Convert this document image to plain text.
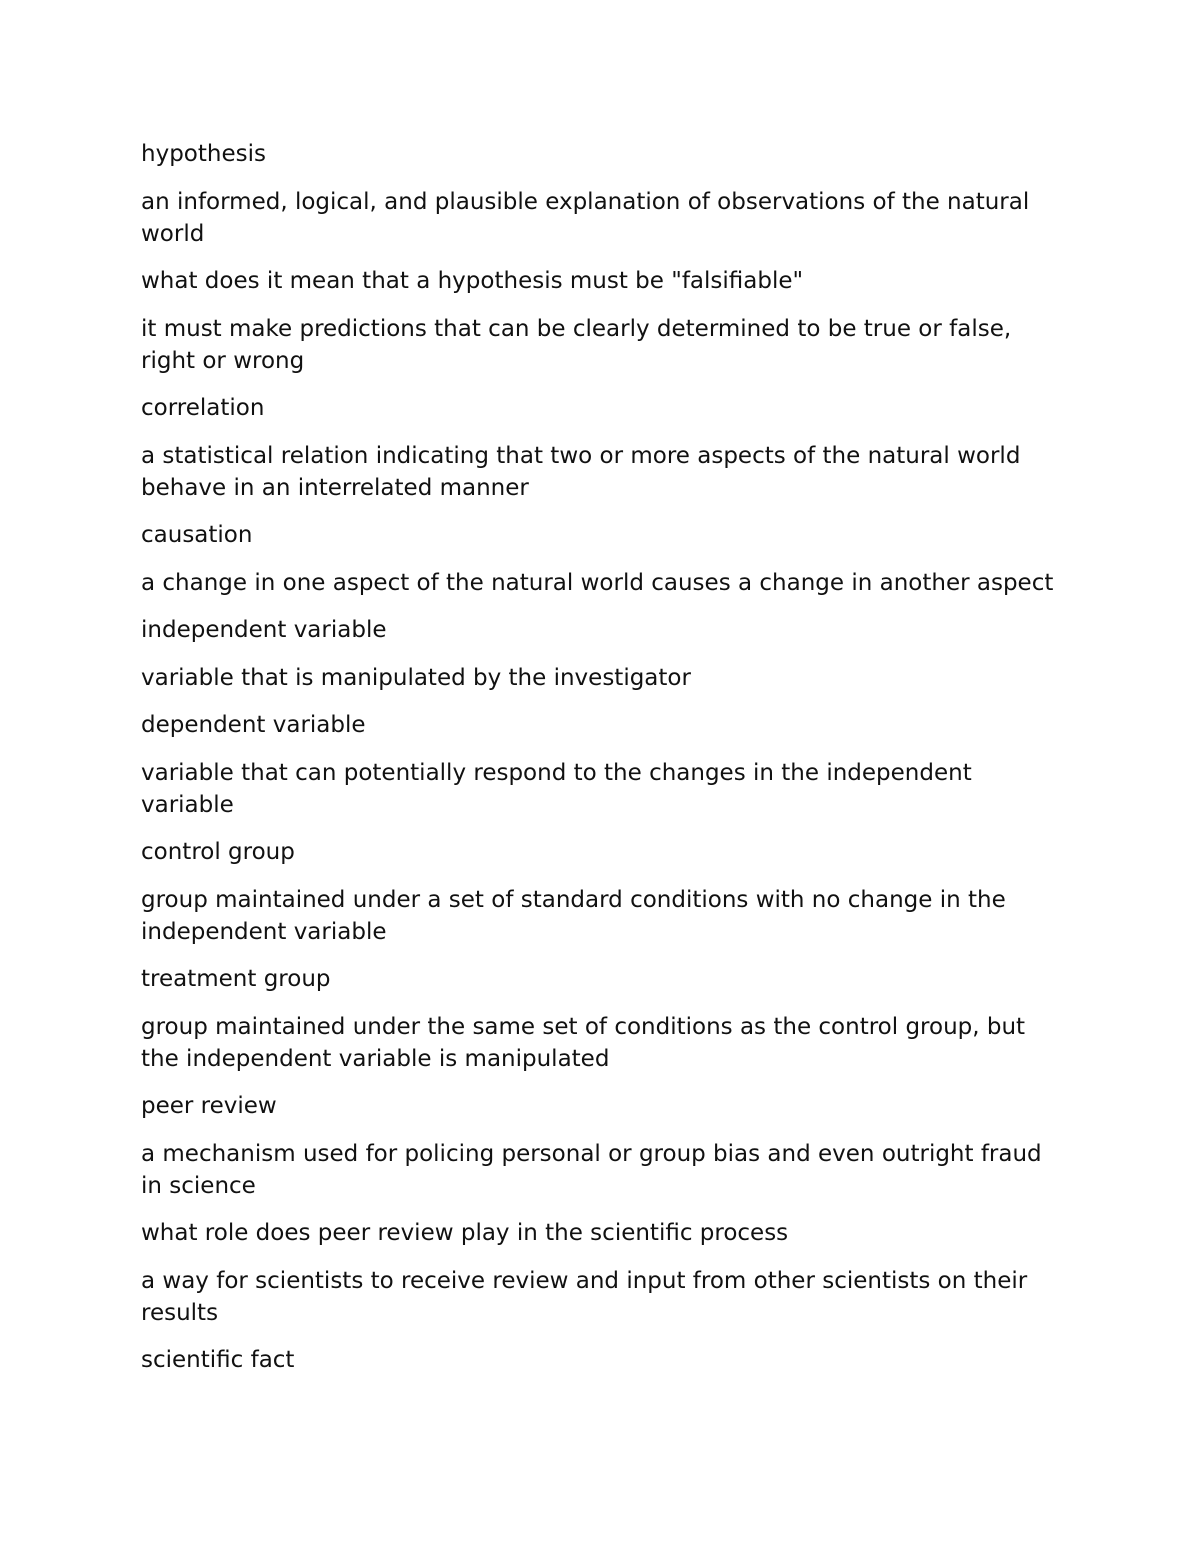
hypothesis

an informed, logical, and plausible explanation of observations of the natural world

what does it mean that a hypothesis must be "falsifiable"

it must make predictions that can be clearly determined to be true or false, right or wrong

correlation

a statistical relation indicating that two or more aspects of the natural world behave in an interrelated manner

causation

a change in one aspect of the natural world causes a change in another aspect

independent variable

variable that is manipulated by the investigator

dependent variable

variable that can potentially respond to the changes in the independent variable

control group

group maintained under a set of standard conditions with no change in the independent variable

treatment group

group maintained under the same set of conditions as the control group, but the independent variable is manipulated

peer review

a mechanism used for policing personal or group bias and even outright fraud in science

what role does peer review play in the scientific process

a way for scientists to receive review and input from other scientists on their results

scientific fact
